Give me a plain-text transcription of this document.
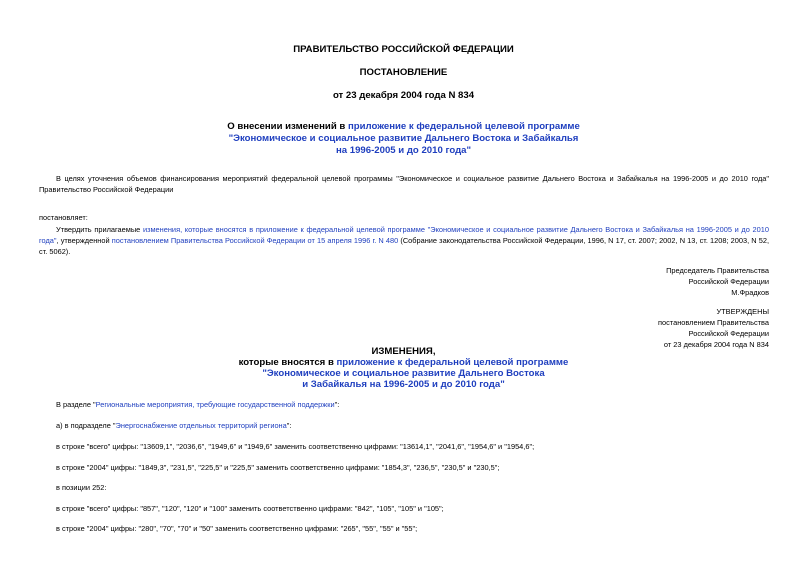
ПРАВИТЕЛЬСТВО РОССИЙСКОЙ ФЕДЕРАЦИИ
ПОСТАНОВЛЕНИЕ
от 23 декабря 2004 года N 834
О внесении изменений в приложение к федеральной целевой программе
"Экономическое и социальное развитие Дальнего Востока и Забайкалья
на 1996-2005 и до 2010 года"
В целях уточнения объемов финансирования мероприятий федеральной целевой программы "Экономическое и социальное развитие Дальнего Востока и Забайкалья на 1996-2005 и до 2010 года" Правительство Российской Федерации
постановляет:
Утвердить прилагаемые изменения, которые вносятся в приложение к федеральной целевой программе "Экономическое и социальное развитие Дальнего Востока и Забайкалья на 1996-2005 и до 2010 года", утвержденной постановлением Правительства Российской Федерации от 15 апреля 1996 г. N 480 (Собрание законодательства Российской Федерации, 1996, N 17, ст. 2007; 2002, N 13, ст. 1208; 2003, N 52, ст. 5062).
Председатель Правительства
Российской Федерации
М.Фрадков
УТВЕРЖДЕНЫ
постановлением Правительства
Российской Федерации
от 23 декабря 2004 года N 834
ИЗМЕНЕНИЯ,
которые вносятся в приложение к федеральной целевой программе
"Экономическое и социальное развитие Дальнего Востока
и Забайкалья на 1996-2005 и до 2010 года"
В разделе "Региональные мероприятия, требующие государственной поддержки":
а) в подразделе "Энергоснабжение отдельных территорий региона":
в строке "всего" цифры: "13609,1", "2036,6", "1949,6" и "1949,6" заменить соответственно цифрами: "13614,1", "2041,6", "1954,6" и "1954,6";
в строке "2004" цифры: "1849,3", "231,5", "225,5" и "225,5" заменить соответственно цифрами: "1854,3", "236,5", "230,5" и "230,5";
в позиции 252:
в строке "всего" цифры: "857", "120", "120" и "100" заменить соответственно цифрами: "842", "105", "105" и "105";
в строке "2004" цифры: "280", "70", "70" и "50" заменить соответственно цифрами: "265", "55", "55" и "55";
